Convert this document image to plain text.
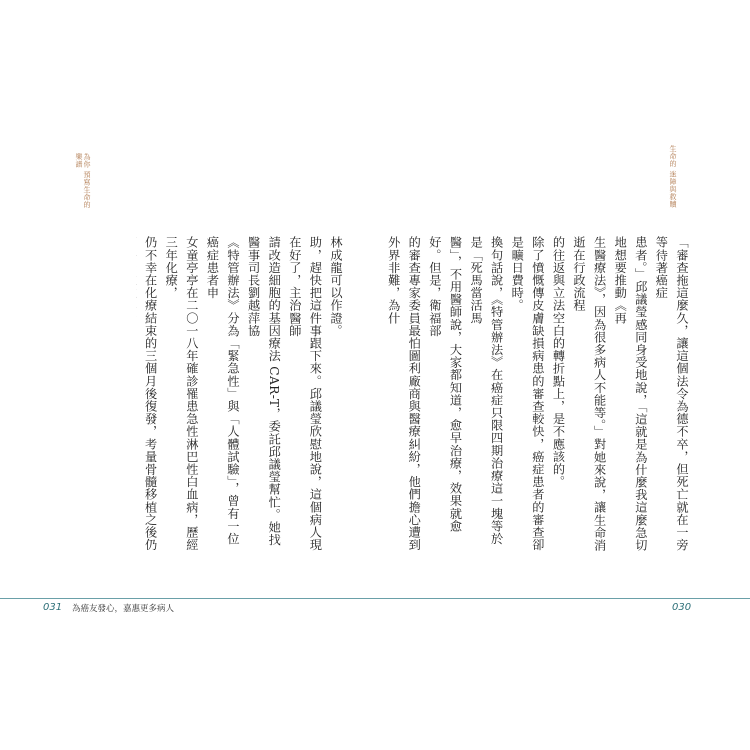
為你 預寫生命的 樂譜
林成龍可以作證。
助，趕快把這件事跟下來。邱議瑩欣慰地說，這個病人現在好了，主治醫師
請改造細胞的基因療法 CAR-T，委託邱議瑩幫忙。她找醫事司長劉越萍協
《特管辦法》分為「緊急性」與「人體試驗」，曾有一位癌症患者申
女童亭亭在二〇一八年確診罹患急性淋巴性白血病，歷經三年化療，
仍不幸在化療結束的三個月後復發，考量骨髓移植之後仍

031 為癌友發心，嘉惠更多病人
生命的 迷障與救贖
「審查拖這麼久，讓這個法令為德不卒，但死亡就在一旁等待著癌症
患者。」邱議瑩感同身受地說，「這就是為什麼我這麼急切地想要推動《再
生醫療法》，因為很多病人不能等。」對她來說，讓生命消逝在行政流程
的往返與立法空白的轉折點上，是不應該的。
除了憤慨傳皮膚缺損病患的審查較快，癌症患者的審查卻是曠日費時。
換句話說，《特管辦法》在癌症只限四期治療這一塊等於是「死馬當活馬
醫」，不用醫師說，大家都知道，愈早治療，效果就愈好。但是，衛福部
的審查專家委員最怕圖利廠商與醫療糾紛，他們擔心遭到外界非難，為什

030
